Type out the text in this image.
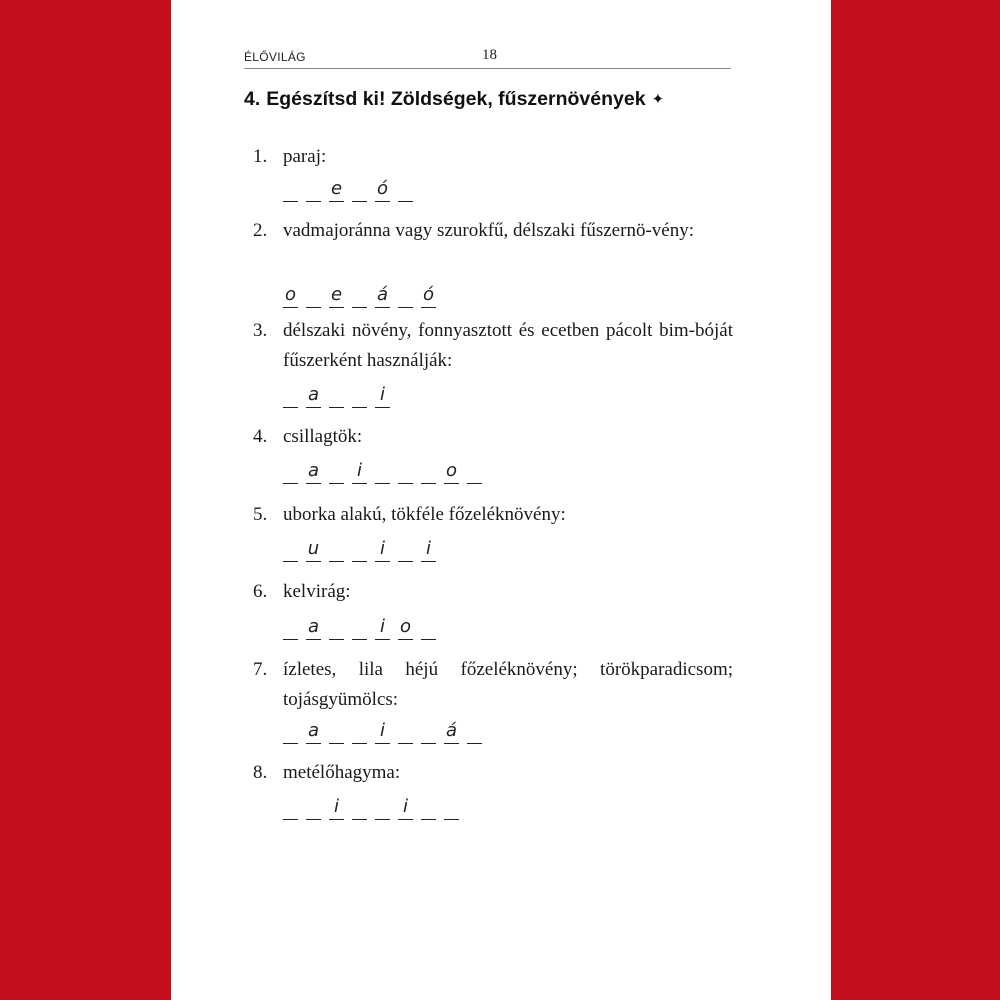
ÉLŐVILÁG	18
4. Egészítsd ki! Zöldségek, fűszernövények ✦
1. paraj:
e ó
2. vadmajoránna vagy szurokfű, délszaki fűszernö-vény:
o e á ó
3. délszaki növény, fonnyasztott és ecetben pácolt bim-bóját fűszerként használják:
a	i
4. csillagtök:
a i	o
5. uborka alakú, tökféle főzeléknövény:
u	i i
6. kelvirág:
a	i o
7. ízletes, lila héjú főzeléknövény; törökparadicsom; tojásgyümölcs:
a	i	á
8. metélőhagyma:
i	i
